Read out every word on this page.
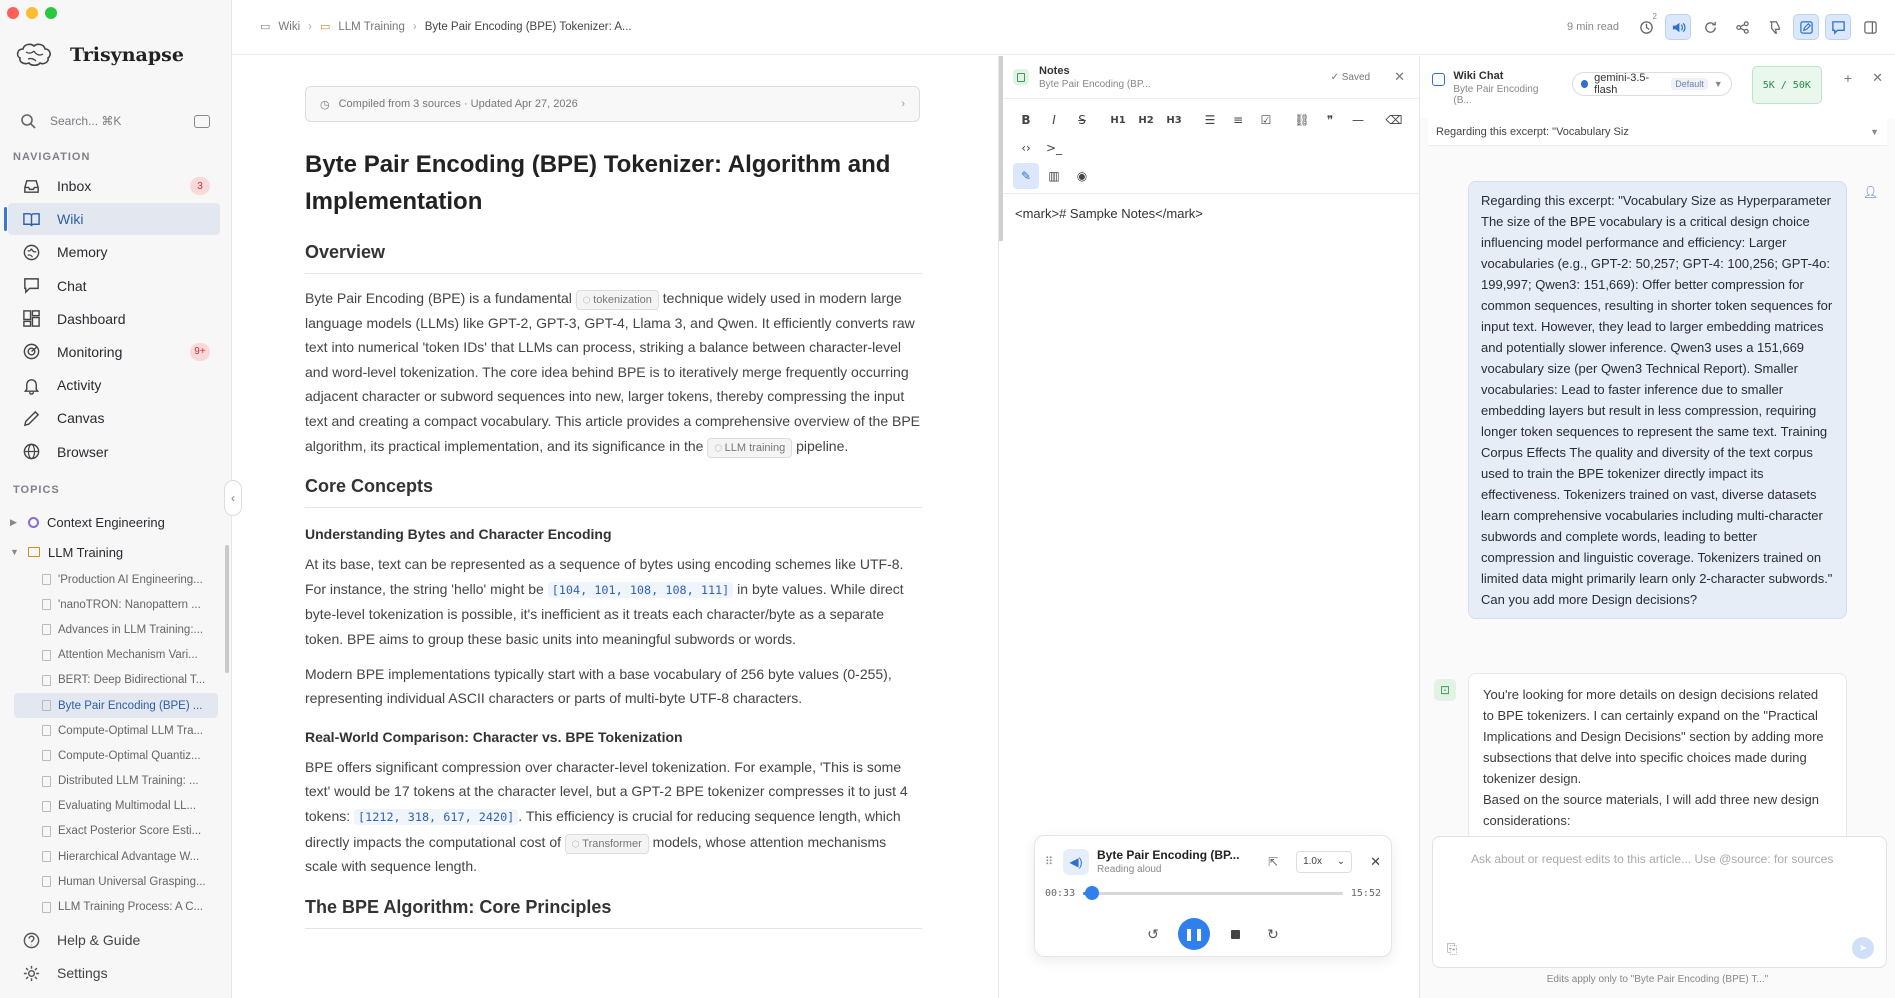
Trisynapse
Search... ⌘K
NAVIGATION
Inbox	3
Wiki
Memory
Chat
Dashboard
Monitoring	9+
Activity
Canvas
Browser
TOPICS
▶ Context Engineering
▼ LLM Training
'Production AI Engineering...
'nanoTRON: Nanopattern ...
Advances in LLM Training:...
Attention Mechanism Vari...
BERT: Deep Bidirectional T...
Byte Pair Encoding (BPE) ...
Compute-Optimal LLM Tra...
Compute-Optimal Quantiz...
Distributed LLM Training: ...
Evaluating Multimodal LL...
Exact Posterior Score Esti...
Hierarchical Advantage W...
Human Universal Grasping...
LLM Training Process: A C...
Help & Guide
Settings
‹
▭ Wiki › ▭ LLM Training › Byte Pair Encoding (BPE) Tokenizer: A...	9 min read
2
◷ Compiled from 3 sources · Updated Apr 27, 2026	›
Byte Pair Encoding (BPE) Tokenizer: Algorithm and Implementation
Overview

Byte Pair Encoding (BPE) is a fundamental ⬡ tokenization technique widely used in modern large language models (LLMs) like GPT-2, GPT-3, GPT-4, Llama 3, and Qwen. It efficiently converts raw text into numerical 'token IDs' that LLMs can process, striking a balance between character-level and word-level tokenization. The core idea behind BPE is to iteratively merge frequently occurring adjacent character or subword sequences into new, larger tokens, thereby compressing the input text and creating a compact vocabulary. This article provides a comprehensive overview of the BPE algorithm, its practical implementation, and its significance in the ⬡ LLM training pipeline.

Core Concepts
Understanding Bytes and Character Encoding

At its base, text can be represented as a sequence of bytes using encoding schemes like UTF-8. For instance, the string 'hello' might be [104, 101, 108, 108, 111] in byte values. While direct byte-level tokenization is possible, it's inefficient as it treats each character/byte as a separate token. BPE aims to group these basic units into meaningful subwords or words.

Modern BPE implementations typically start with a base vocabulary of 256 byte values (0-255), representing individual ASCII characters or parts of multi-byte UTF-8 characters.

Real-World Comparison: Character vs. BPE Tokenization

BPE offers significant compression over character-level tokenization. For example, 'This is some text' would be 17 tokens at the character level, but a GPT-2 BPE tokenizer compresses it to just 4 tokens: [1212, 318, 617, 2420] . This efficiency is crucial for reducing sequence length, which directly impacts the computational cost of ⬡ Transformer models, whose attention mechanisms scale with sequence length.

The BPE Algorithm: Core Principles
Notes
Byte Pair Encoding (BP...
✓ Saved ✕
B	I	S	H1	H2	H3	☰	≡	☑	⛓	❞	—	⌫
‹›	>_
✎	▥	◉
<mark># Sampke Notes</mark>
⠿	◀)	Byte Pair Encoding (BP...
Reading aloud
⇱	1.0x ⌄ ✕
00:33	15:52
↺	❚❚	↻
Wiki Chat
Byte Pair Encoding (B...
gemini-3.5-flash	Default	▼	5K / 50K	+ ✕
Regarding this excerpt: "Vocabulary Siz	▼
Regarding this excerpt: "Vocabulary Size as Hyperparameter The size of the BPE vocabulary is a critical design choice influencing model performance and efficiency: Larger vocabularies (e.g., GPT-2: 50,257; GPT-4: 100,256; GPT-4o: 199,997; Qwen3: 151,669): Offer better compression for common sequences, resulting in shorter token sequences for input text. However, they lead to larger embedding matrices and potentially slower inference. Qwen3 uses a 151,669 vocabulary size (per Qwen3 Technical Report). Smaller vocabularies: Lead to faster inference due to smaller embedding layers but result in less compression, requiring longer token sequences to represent the same text. Training Corpus Effects The quality and diversity of the text corpus used to train the BPE tokenizer directly impact its effectiveness. Tokenizers trained on vast, diverse datasets learn comprehensive vocabularies including multi-character subwords and complete words, leading to better compression and linguistic coverage. Tokenizers trained on limited data might primarily learn only 2-character subwords." Can you add more Design decisions?
👤︎
⊡	You're looking for more details on design decisions related to BPE tokenizers. I can certainly expand on the "Practical Implications and Design Decisions" section by adding more subsections that delve into specific choices made during tokenizer design.
Based on the source materials, I will add three new design considerations:
Ask about or request edits to this article... Use @source: for sources
⎘	➤
Edits apply only to "Byte Pair Encoding (BPE) T..."
